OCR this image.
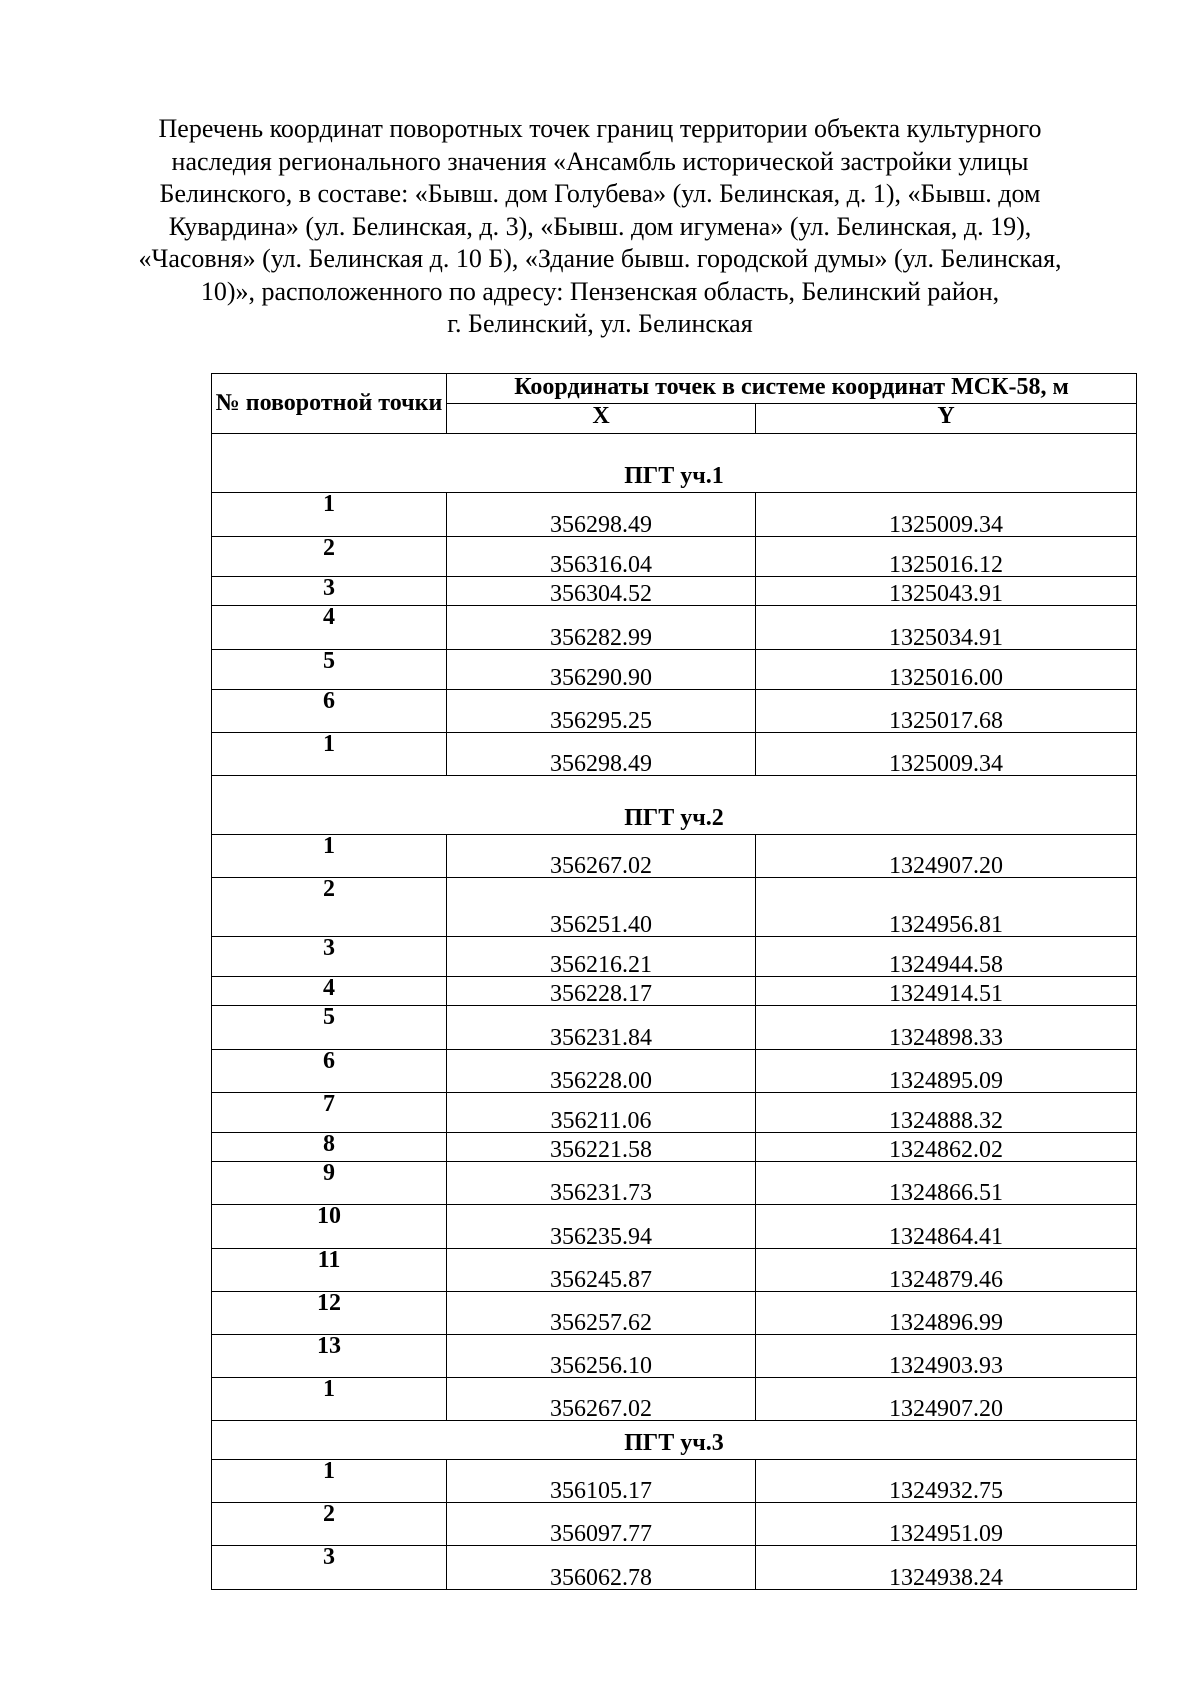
Перечень координат поворотных точек границ территории объекта культурного
наследия регионального значения «Ансамбль исторической застройки улицы
Белинского, в составе: «Бывш. дом Голубева» (ул. Белинская, д. 1), «Бывш. дом
Кувардина» (ул. Белинская, д. 3), «Бывш. дом игумена» (ул. Белинская, д. 19),
«Часовня» (ул. Белинская д. 10 Б), «Здание бывш. городской думы» (ул. Белинская,
10)», расположенного по адресу: Пензенская область, Белинский район,
г. Белинский, ул. Белинская
№ поворотной точки	Координаты точек в системе координат МСК-58, м	
	X	Y
ПГТ уч.1		
1	356298.49	1325009.34
2	356316.04	1325016.12
3	356304.52	1325043.91
4	356282.99	1325034.91
5	356290.90	1325016.00
6	356295.25	1325017.68
1	356298.49	1325009.34
ПГТ уч.2		
1	356267.02	1324907.20
2	356251.40	1324956.81
3	356216.21	1324944.58
4	356228.17	1324914.51
5	356231.84	1324898.33
6	356228.00	1324895.09
7	356211.06	1324888.32
8	356221.58	1324862.02
9	356231.73	1324866.51
10	356235.94	1324864.41
11	356245.87	1324879.46
12	356257.62	1324896.99
13	356256.10	1324903.93
1	356267.02	1324907.20
ПГТ уч.3		
1	356105.17	1324932.75
2	356097.77	1324951.09
3	356062.78	1324938.24
